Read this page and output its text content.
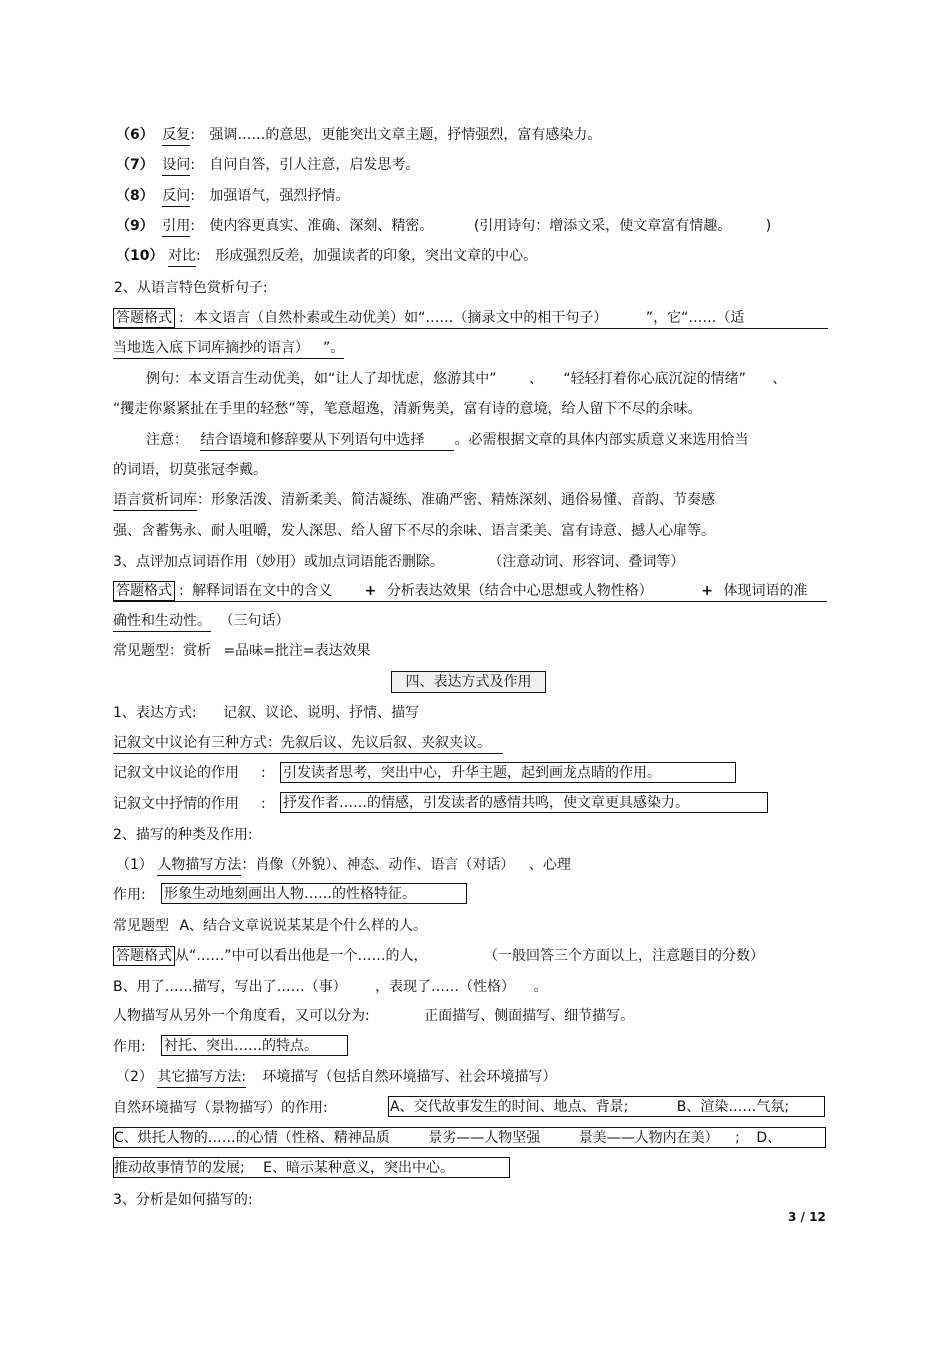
（6） 反复: 强调……的意思，更能突出文章主题，抒情强烈，富有感染力。
（7） 设问: 自问自答，引人注意，启发思考。
（8） 反问: 加强语气，强烈抒情。
（9） 引用: 使内容更真实、准确、深刻、精密。	(引用诗句：增添文采，使文章富有情趣。 )
（10） 对比: 形成强烈反差，加强读者的印象，突出文章的中心。
2、从语言特色赏析句子:
答题格式 : 本文语言（自然朴素或生动优美）如“……（摘录文中的相干句子）	”，它“……（适
当地选入底下词库摘抄的语言） ”。
例句：本文语言生动优美，如“让人了却忧虑，悠游其中” 、 “轻轻打着你心底沉淀的情绪” 、
“攫走你紧紧扯在手里的轻愁”等，笔意超逸，清新隽美，富有诗的意境，给人留下不尽的余味。
注意： 结合语境和修辞要从下列语句中选择 。必需根据文章的具体内部实质意义来选用恰当
的词语，切莫张冠李戴。
语言赏析词库：形象活泼、清新柔美、简洁凝练、准确严密、精炼深刻、通俗易懂、音韵、节奏感
强、含蓄隽永、耐人咀嚼，发人深思、给人留下不尽的余味、语言柔美、富有诗意、撼人心扉等。
3、点评加点词语作用（妙用）或加点词语能否删除。	（注意动词、形容词、叠词等）
答题格式 : 解释词语在文中的含义 + 分析表达效果（结合中心思想或人物性格）	+ 体现词语的准
确性和生动性。 （三句话）
常见题型：赏析 =品味=批注=表达效果
四、表达方式及作用
1、表达方式: 记叙、议论、说明、抒情、描写
记叙文中议论有三种方式：先叙后议、先议后叙、夹叙夹议。
记叙文中议论的作用 : 引发读者思考，突出中心，升华主题，起到画龙点睛的作用。
记叙文中抒情的作用 : 抒发作者……的情感，引发读者的感情共鸣，使文章更具感染力。
2、描写的种类及作用:
（1） 人物描写方法：肖像（外貌）、神态、动作、语言（对话） 、心理
作用: 形象生动地刻画出人物……的性格特征。
常见题型 A、结合文章说说某某是个什么样的人。
答题格式 从“……”中可以看出他是一个……的人，	（一般回答三个方面以上，注意题目的分数）
B、用了……描写，写出了……（事） ，表现了……（性格） 。
人物描写从另外一个角度看，又可以分为:	正面描写、侧面描写、细节描写。
作用: 衬托、突出……的特点。
（2） 其它描写方法: 环境描写（包括自然环境描写、社会环境描写）
自然环境描写（景物描写）的作用:	A、交代故事发生的时间、地点、背景;	B、渲染……气氛;
C、烘托人物的……的心情（性格、精神品质	景劣——人物坚强	景美——人物内在美） ; D、
推动故事情节的发展; E、暗示某种意义，突出中心。
3、分析是如何描写的:
3 / 12
